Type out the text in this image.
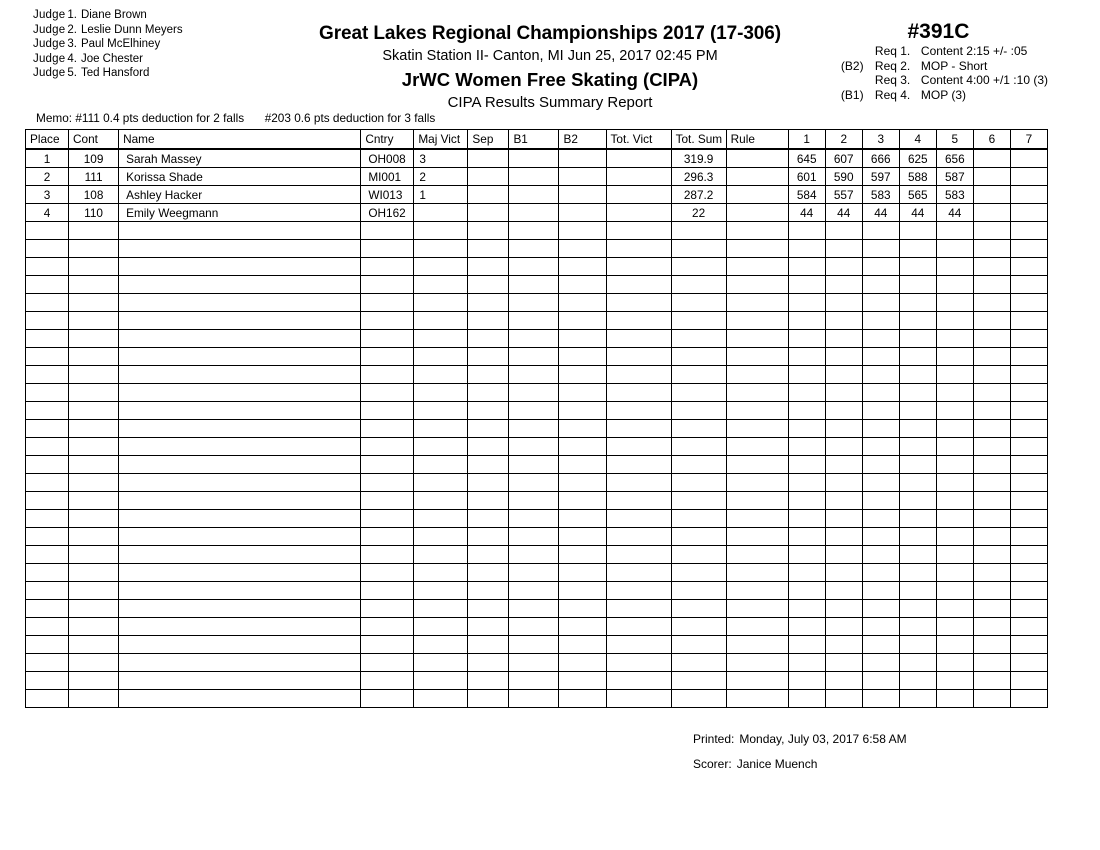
Judge 1. Diane Brown
Judge 2. Leslie Dunn Meyers
Judge 3. Paul McElhiney
Judge 4. Joe Chester
Judge 5. Ted Hansford
Great Lakes Regional Championships 2017 (17-306)
Skatin Station II- Canton, MI Jun 25, 2017 02:45 PM
JrWC Women Free Skating (CIPA)
CIPA Results Summary Report
#391C
Req 1. Content 2:15 +/- :05
(B2) Req 2. MOP - Short
Req 3. Content 4:00 +/1 :10 (3)
(B1) Req 4. MOP (3)
Memo: #111 0.4 pts deduction for 2 falls #203 0.6 pts deduction for 3 falls
Place	Cont	Name	Cntry	Maj Vict	Sep	B1	B2	Tot. Vict	Tot. Sum	Rule	1	2	3	4	5	6	7
1	109	Sarah Massey	OH008	3					319.9		645	607	666	625	656		
2	111	Korissa Shade	MI001	2					296.3		601	590	597	588	587		
3	108	Ashley Hacker	WI013	1					287.2		584	557	583	565	583		
4	110	Emily Weegmann	OH162						22		44	44	44	44	44		

Printed: Monday, July 03, 2017 6:58 AM
Scorer: Janice Muench
